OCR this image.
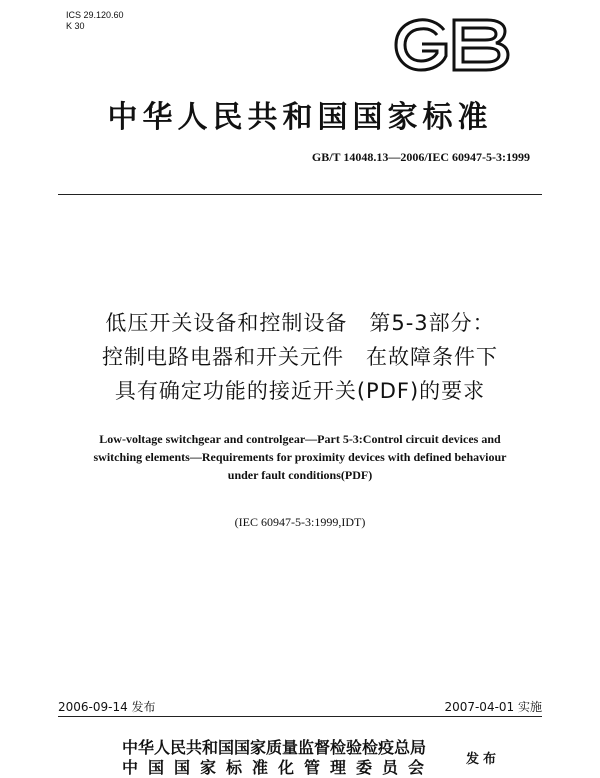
ICS 29.120.60
K 30
中华人民共和国国家标准
GB/T 14048.13—2006/IEC 60947-5-3:1999
低压开关设备和控制设备　第5-3部分：
控制电路电器和开关元件　在故障条件下
具有确定功能的接近开关(PDF)的要求
Low-voltage switchgear and controlgear—Part 5-3:Control circuit devices and
switching elements—Requirements for proximity devices with defined behaviour
under fault conditions(PDF)
(IEC 60947-5-3:1999,IDT)
2006-09-14 发布	2007-04-01 实施
中华人民共和国国家质量监督检验检疫总局
中国国家标准化管理委员会 发布
